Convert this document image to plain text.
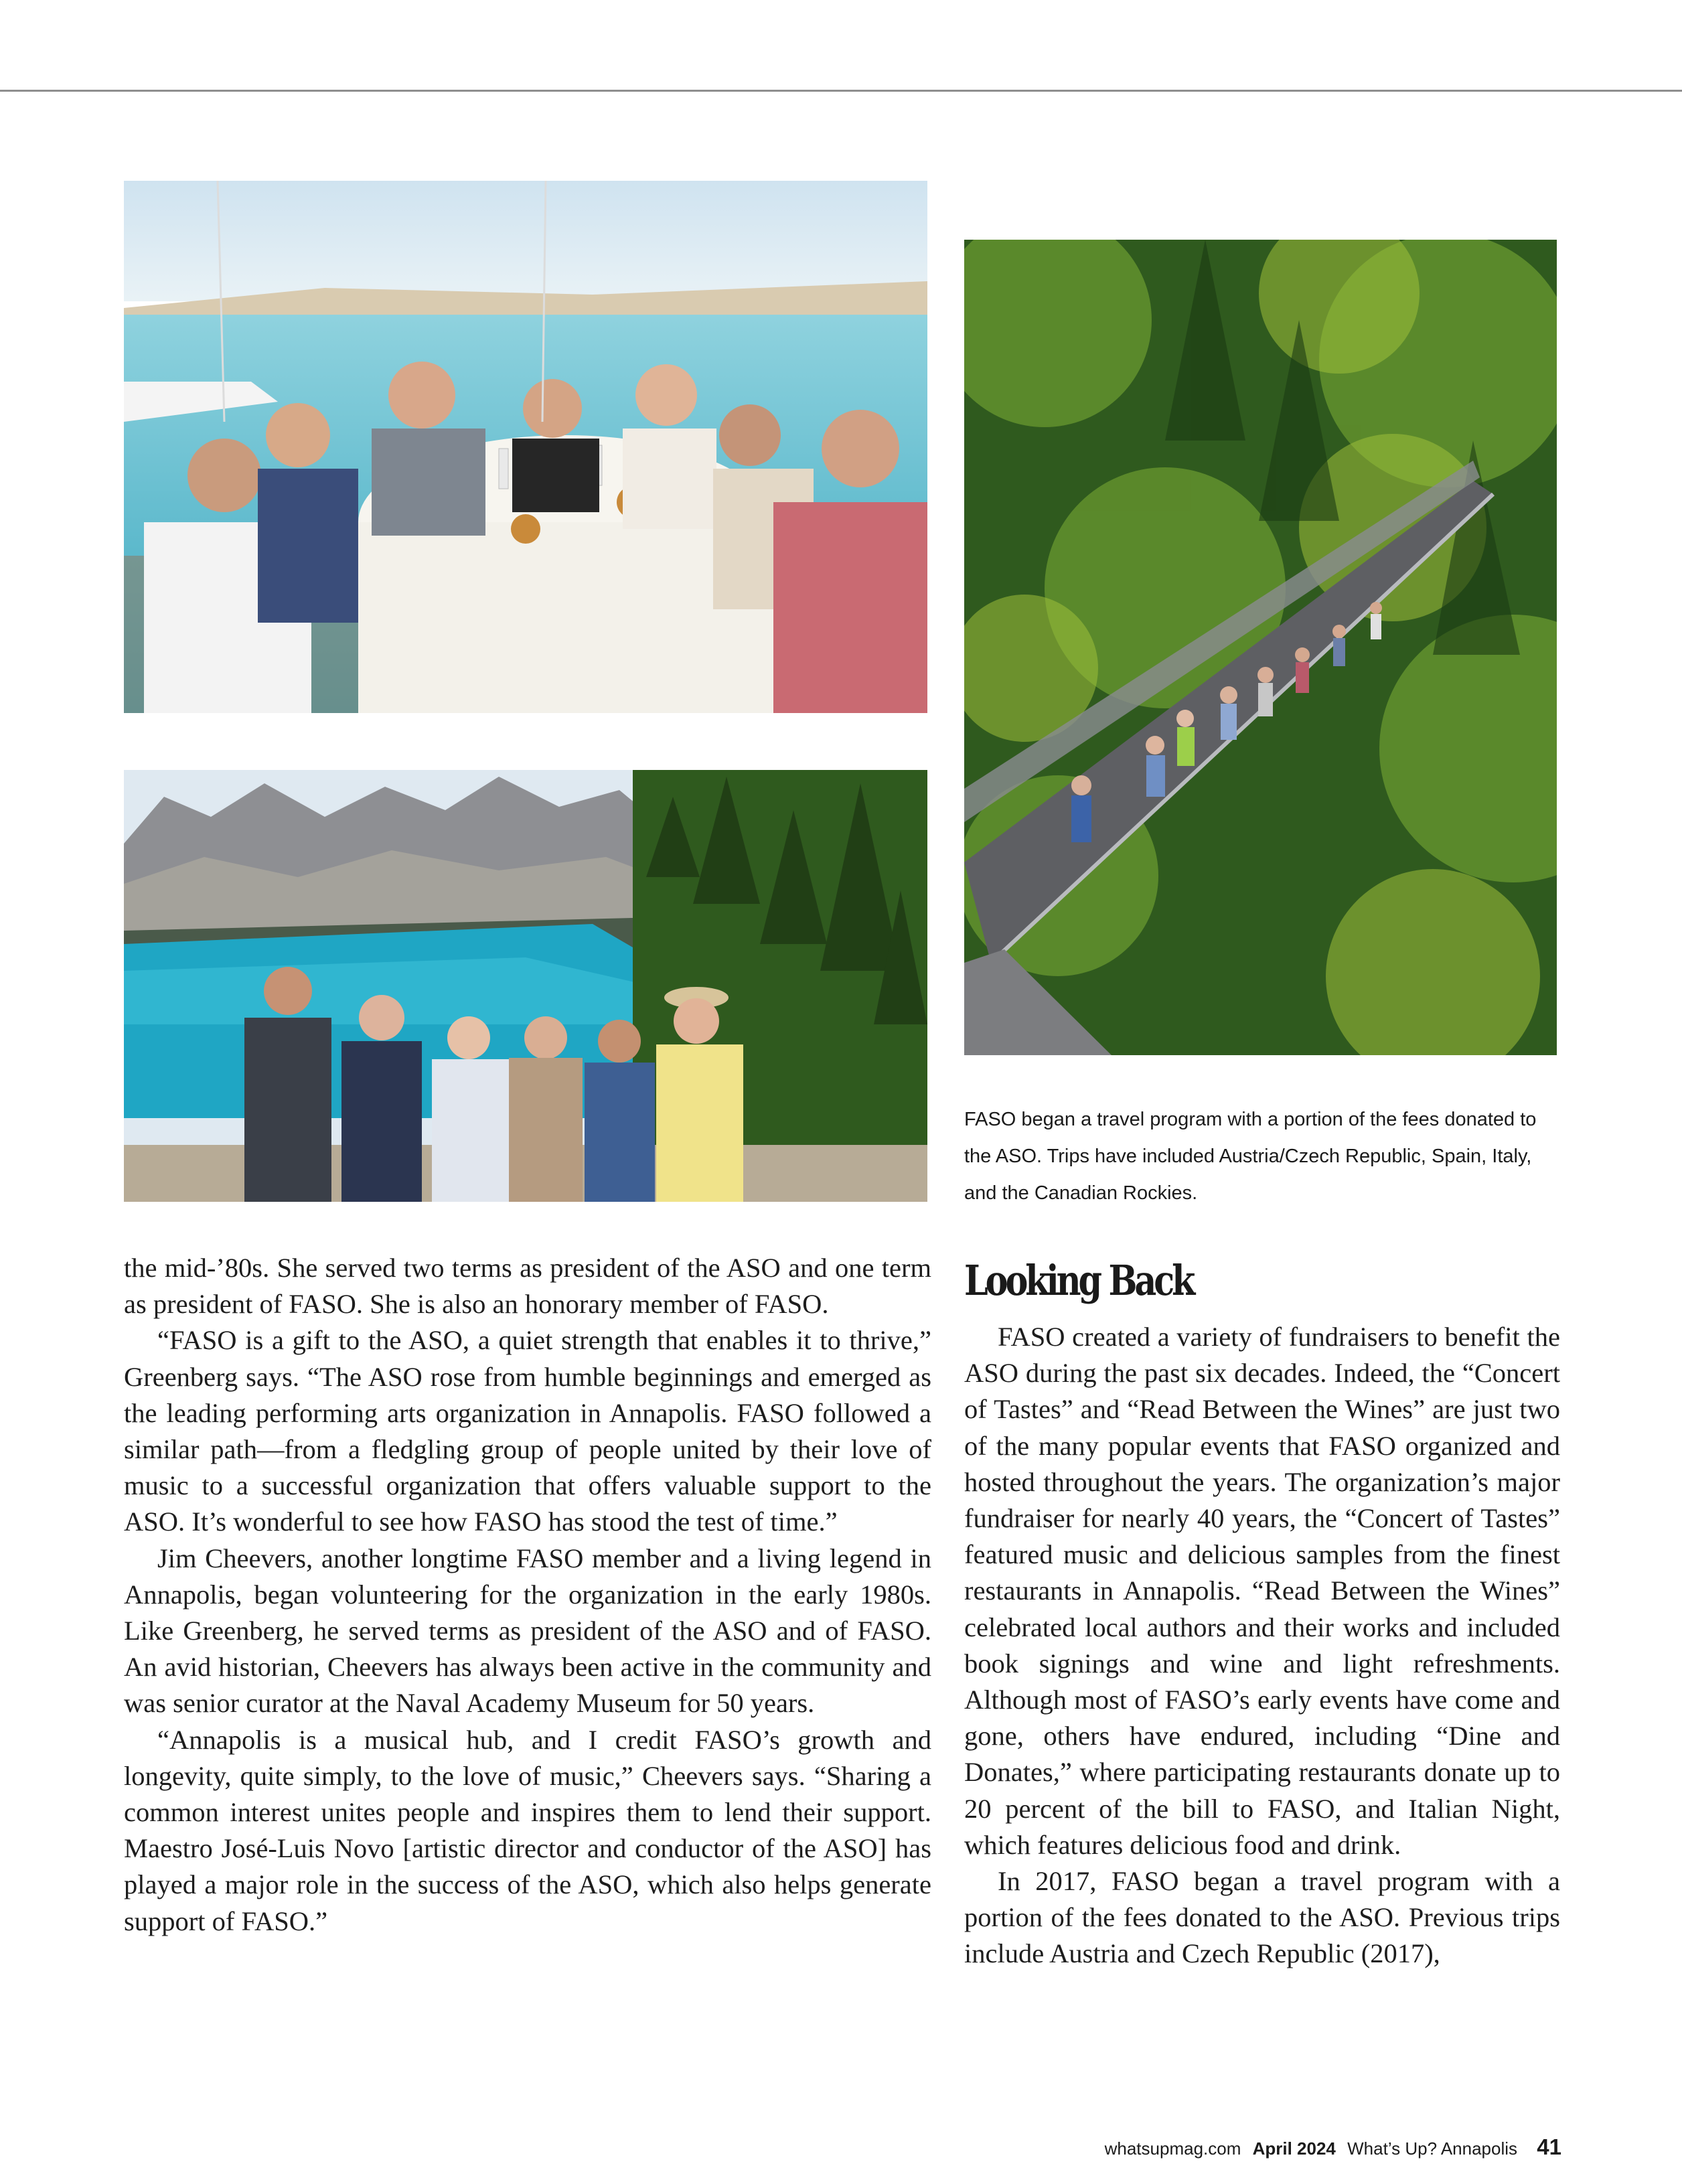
FASO began a travel program with a portion of the fees donated to the ASO. Trips have included Austria/Czech Republic, Spain, Italy, and the Canadian Rockies.

the mid-’80s. She served two terms as president of the ASO and one term as president of FASO. She is also an honorary member of FASO.

“FASO is a gift to the ASO, a quiet strength that enables it to thrive,” Greenberg says. “The ASO rose from humble beginnings and emerged as the leading performing arts organization in Annapolis. FASO followed a similar path—from a fledgling group of people united by their love of music to a successful organization that offers valuable support to the ASO. It’s wonderful to see how FASO has stood the test of time.”

Jim Cheevers, another longtime FASO member and a living legend in Annapolis, began volunteering for the organization in the early 1980s. Like Greenberg, he served terms as president of the ASO and of FASO. An avid historian, Cheevers has always been active in the community and was senior curator at the Naval Academy Museum for 50 years.

“Annapolis is a musical hub, and I credit FASO’s growth and longevity, quite simply, to the love of music,” Cheevers says. “Sharing a common interest unites people and inspires them to lend their support. Maestro José-Luis Novo [artistic director and conductor of the ASO] has played a major role in the success of the ASO, which also helps generate support of FASO.”

Looking Back

FASO created a variety of fundraisers to benefit the ASO during the past six decades. Indeed, the “Concert of Tastes” and “Read Between the Wines” are just two of the many popular events that FASO organized and hosted throughout the years. The organization’s major fundraiser for nearly 40 years, the “Concert of Tastes” featured music and delicious samples from the finest restaurants in Annapolis. “Read Between the Wines” celebrated local authors and their works and included book signings and wine and light refreshments. Although most of FASO’s early events have come and gone, others have endured, including “Dine and Donates,” where participating restaurants donate up to 20 percent of the bill to FASO, and Italian Night, which features delicious food and drink.

In 2017, FASO began a travel program with a portion of the fees donated to the ASO. Previous trips include Austria and Czech Republic (2017),

whatsupmag.com April 2024 What’s Up? Annapolis 41
